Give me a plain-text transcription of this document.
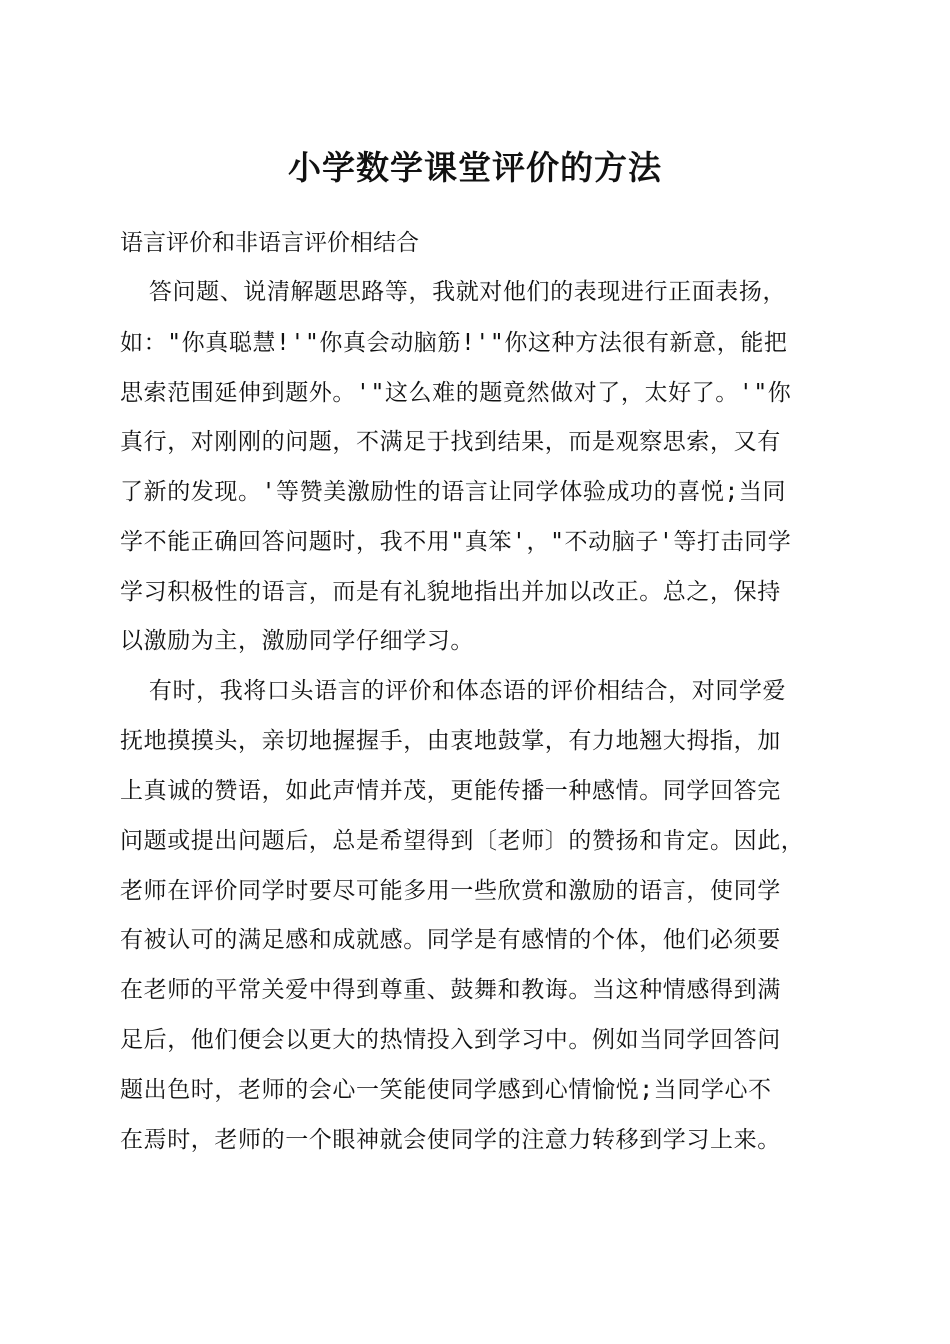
小学数学课堂评价的方法
语言评价和非语言评价相结合
答问题、说清解题思路等，我就对他们的表现进行正面表扬，
如："你真聪慧!'"你真会动脑筋!'"你这种方法很有新意，能把
思索范围延伸到题外。'"这么难的题竟然做对了，太好了。'"你
真行，对刚刚的问题，不满足于找到结果，而是观察思索，又有
了新的发现。'等赞美激励性的语言让同学体验成功的喜悦;当同
学不能正确回答问题时，我不用"真笨'，"不动脑子'等打击同学
学习积极性的语言，而是有礼貌地指出并加以改正。总之，保持
以激励为主，激励同学仔细学习。
有时，我将口头语言的评价和体态语的评价相结合，对同学爱
抚地摸摸头，亲切地握握手，由衷地鼓掌，有力地翘大拇指，加
上真诚的赞语，如此声情并茂，更能传播一种感情。同学回答完
问题或提出问题后，总是希望得到〔老师〕的赞扬和肯定。因此，
老师在评价同学时要尽可能多用一些欣赏和激励的语言，使同学
有被认可的满足感和成就感。同学是有感情的个体，他们必须要
在老师的平常关爱中得到尊重、鼓舞和教诲。当这种情感得到满
足后，他们便会以更大的热情投入到学习中。例如当同学回答问
题出色时，老师的会心一笑能使同学感到心情愉悦;当同学心不
在焉时，老师的一个眼神就会使同学的注意力转移到学习上来。
